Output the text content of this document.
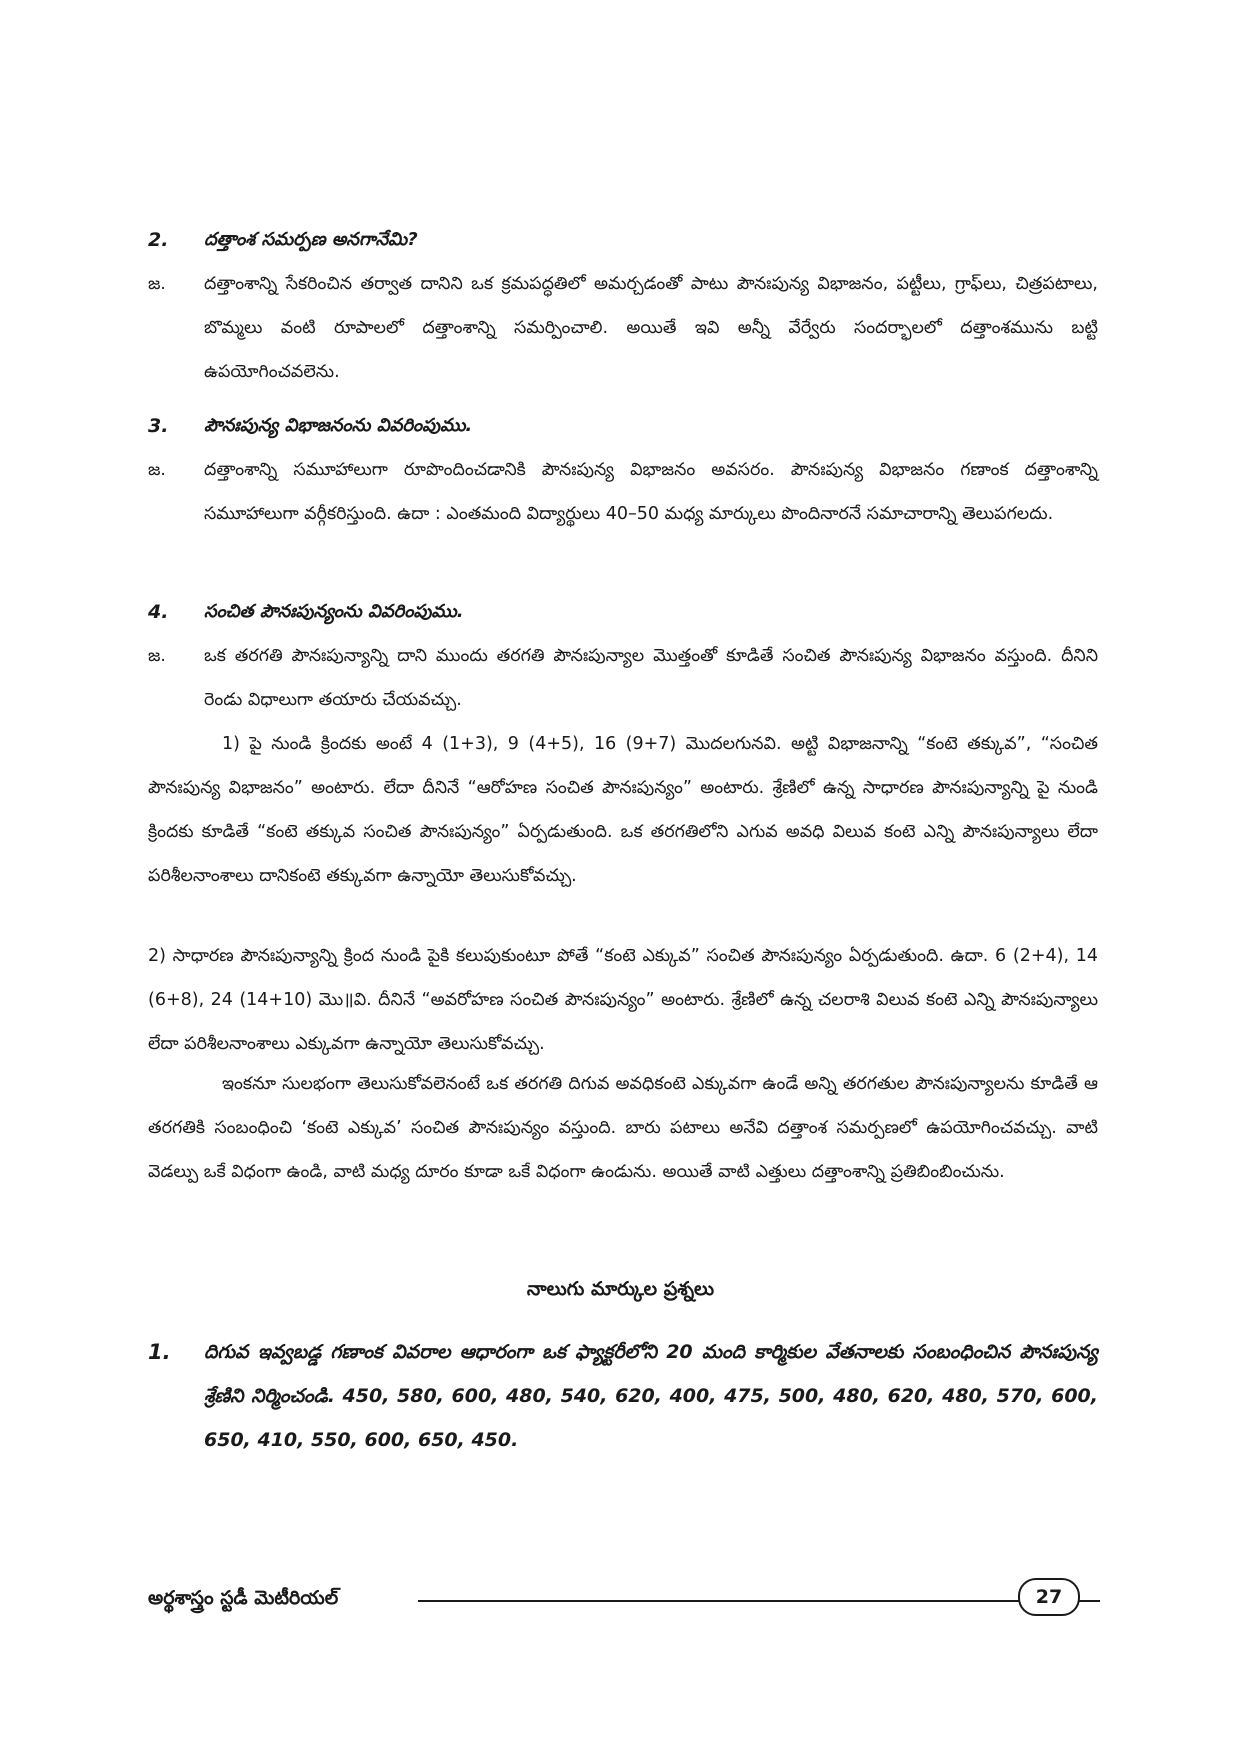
2.	దత్తాంశ సమర్పణ అనగానేమి?
జ.	దత్తాంశాన్ని సేకరించిన తర్వాత దానిని ఒక క్రమపద్ధతిలో అమర్చడంతో పాటు పౌనఃపున్య విభాజనం, పట్టీలు, గ్రాఫ్‌లు, చిత్రపటాలు, బొమ్మలు వంటి రూపాలలో దత్తాంశాన్ని సమర్పించాలి. అయితే ఇవి అన్నీ వేర్వేరు సందర్భాలలో దత్తాంశమును బట్టి ఉపయోగించవలెను.
3.	పౌనఃపున్య విభాజనంను వివరింపుము.
జ.	దత్తాంశాన్ని సమూహాలుగా రూపొందించడానికి పౌనఃపున్య విభాజనం అవసరం. పౌనఃపున్య విభాజనం గణాంక దత్తాంశాన్ని సమూహాలుగా వర్గీకరిస్తుంది. ఉదా : ఎంతమంది విద్యార్థులు 40–50 మధ్య మార్కులు పొందినారనే సమాచారాన్ని తెలుపగలదు.
4.	సంచిత పౌనఃపున్యంను వివరింపుము.
జ.	ఒక తరగతి పౌనఃపున్యాన్ని దాని ముందు తరగతి పౌనఃపున్యాల మొత్తంతో కూడితే సంచిత పౌనఃపున్య విభాజనం వస్తుంది. దీనిని రెండు విధాలుగా తయారు చేయవచ్చు.
1) పై నుండి క్రిందకు అంటే 4 (1+3), 9 (4+5), 16 (9+7) మొదలగునవి. అట్టి విభాజనాన్ని “కంటె తక్కువ”, “సంచిత పౌనఃపున్య విభాజనం” అంటారు. లేదా దీనినే “ఆరోహణ సంచిత పౌనఃపున్యం” అంటారు. శ్రేణిలో ఉన్న సాధారణ పౌనఃపున్యాన్ని పై నుండి క్రిందకు కూడితే “కంటె తక్కువ సంచిత పౌనఃపున్యం” ఏర్పడుతుంది. ఒక తరగతిలోని ఎగువ అవధి విలువ కంటె ఎన్ని పౌనఃపున్యాలు లేదా పరిశీలనాంశాలు దానికంటె తక్కువగా ఉన్నాయో తెలుసుకోవచ్చు.
2) సాధారణ పౌనఃపున్యాన్ని క్రింద నుండి పైకి కలుపుకుంటూ పోతే “కంటె ఎక్కువ” సంచిత పౌనఃపున్యం ఏర్పడుతుంది. ఉదా. 6 (2+4), 14 (6+8), 24 (14+10) మొ॥వి. దీనినే “అవరోహణ సంచిత పౌనఃపున్యం” అంటారు. శ్రేణిలో ఉన్న చలరాశి విలువ కంటె ఎన్ని పౌనఃపున్యాలు లేదా పరిశీలనాంశాలు ఎక్కువగా ఉన్నాయో తెలుసుకోవచ్చు.
ఇంకనూ సులభంగా తెలుసుకోవలెనంటే ఒక తరగతి దిగువ అవధికంటె ఎక్కువగా ఉండే అన్ని తరగతుల పౌనఃపున్యాలను కూడితే ఆ తరగతికి సంబంధించి ‘కంటె ఎక్కువ’ సంచిత పౌనఃపున్యం వస్తుంది. బారు పటాలు అనేవి దత్తాంశ సమర్పణలో ఉపయోగించవచ్చు. వాటి వెడల్పు ఒకే విధంగా ఉండి, వాటి మధ్య దూరం కూడా ఒకే విధంగా ఉండును. అయితే వాటి ఎత్తులు దత్తాంశాన్ని ప్రతిబింబించును.
నాలుగు మార్కుల ప్రశ్నలు
1.	దిగువ ఇవ్వబడ్డ గణాంక వివరాల ఆధారంగా ఒక ఫ్యాక్టరీలోని 20 మంది కార్మికుల వేతనాలకు సంబంధించిన పౌనఃపున్య శ్రేణిని నిర్మించండి. 450, 580, 600, 480, 540, 620, 400, 475, 500, 480, 620, 480, 570, 600, 650, 410, 550, 600, 650, 450.
అర్థశాస్త్రం స్టడీ మెటీరియల్	27
